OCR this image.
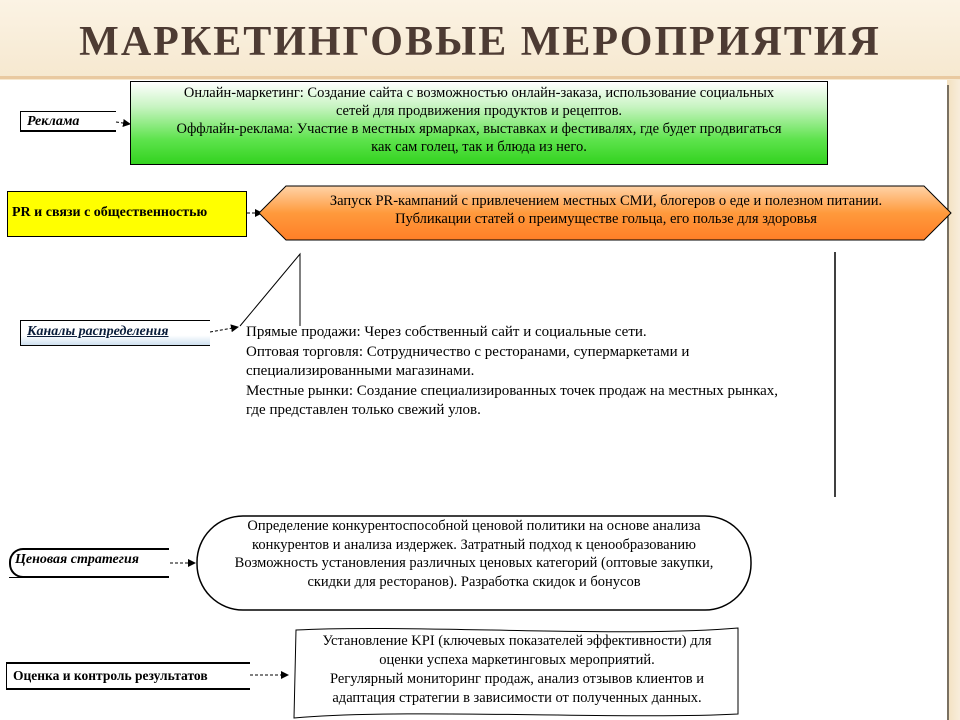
МАРКЕТИНГОВЫЕ МЕРОПРИЯТИЯ
Реклама
Онлайн-маркетинг: Создание сайта с возможностью онлайн-заказа, использование социальных
сетей для продвижения продуктов и рецептов.
Оффлайн-реклама: Участие в местных ярмарках, выставках и фестивалях, где будет продвигаться
как сам голец, так и блюда из него.
PR и связи с общественностью
Запуск PR-кампаний с привлечением местных СМИ, блогеров о еде и полезном питании.
Публикации статей о преимуществе гольца, его пользе для здоровья
Каналы распределения	Прямые продажи: Через собственный сайт и социальные сети.
Оптовая торговля: Сотрудничество с ресторанами, супермаркетами и
специализированными магазинами.
Местные рынки: Создание специализированных точек продаж на местных рынках,
где представлен только свежий улов.
Ценовая стратегия
Определение конкурентоспособной ценовой политики на основе анализа
конкурентов и анализа издержек. Затратный подход к ценообразованию
Возможность установления различных ценовых категорий (оптовые закупки,
скидки для ресторанов). Разработка скидок и бонусов
Оценка и контроль результатов
Установление KPI (ключевых показателей эффективности) для
оценки успеха маркетинговых мероприятий.
Регулярный мониторинг продаж, анализ отзывов клиентов и
адаптация стратегии в зависимости от полученных данных.
